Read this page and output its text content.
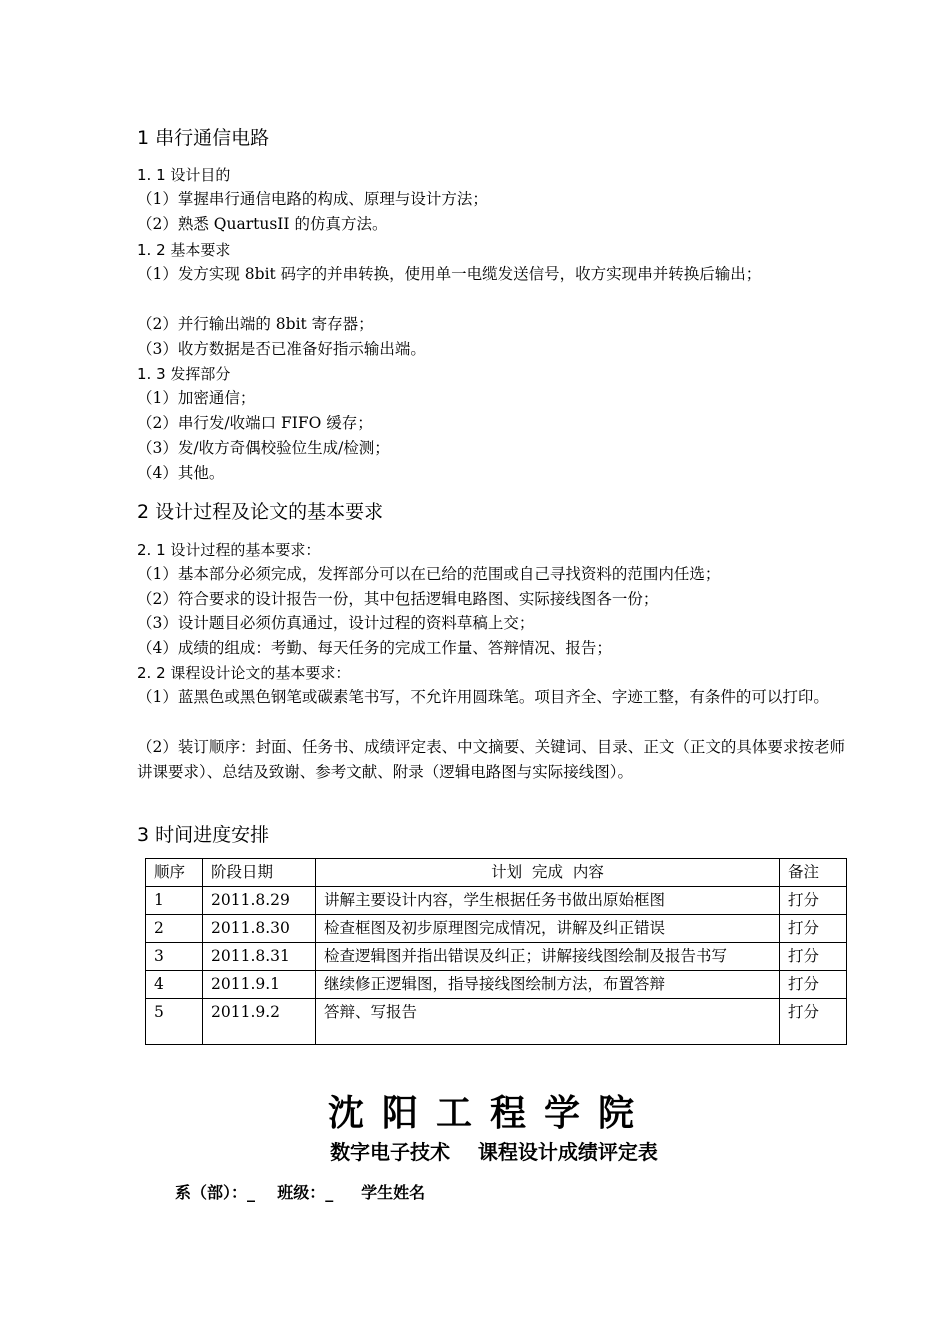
1 串行通信电路
1. 1 设计目的
（1）掌握串行通信电路的构成、原理与设计方法；
（2）熟悉 QuartusII 的仿真方法。
1. 2 基本要求
（1）发方实现 8bit 码字的并串转换，使用单一电缆发送信号，收方实现串并转换后输出；
（2）并行输出端的 8bit 寄存器；
（3）收方数据是否已准备好指示输出端。
1. 3 发挥部分
（1）加密通信；
（2）串行发/收端口 FIFO 缓存；
（3）发/收方奇偶校验位生成/检测；
（4）其他。
2 设计过程及论文的基本要求
2. 1 设计过程的基本要求：
（1）基本部分必须完成，发挥部分可以在已给的范围或自己寻找资料的范围内任选；
（2）符合要求的设计报告一份，其中包括逻辑电路图、实际接线图各一份；
（3）设计题目必须仿真通过，设计过程的资料草稿上交；
（4）成绩的组成：考勤、每天任务的完成工作量、答辩情况、报告；
2. 2 课程设计论文的基本要求：
（1）蓝黑色或黑色钢笔或碳素笔书写，不允许用圆珠笔。项目齐全、字迹工整，有条件的可以打印。
（2）装订顺序：封面、任务书、成绩评定表、中文摘要、关键词、目录、正文（正文的具体要求按老师讲课要求）、总结及致谢、参考文献、附录（逻辑电路图与实际接线图）。
3 时间进度安排
顺序	阶段日期	计划  完成  内容	备注
1	2011.8.29	讲解主要设计内容，学生根据任务书做出原始框图	打分
2	2011.8.30	检查框图及初步原理图完成情况，讲解及纠正错误	打分
3	2011.8.31	检查逻辑图并指出错误及纠正；讲解接线图绘制及报告书写	打分
4	2011.9.1	继续修正逻辑图，指导接线图绘制方法，布置答辩	打分
5	2011.9.2	答辩、写报告	打分
沈阳工程学院
数字电子技术    课程设计成绩评定表
系（部）：_    班级：_     学生姓名
